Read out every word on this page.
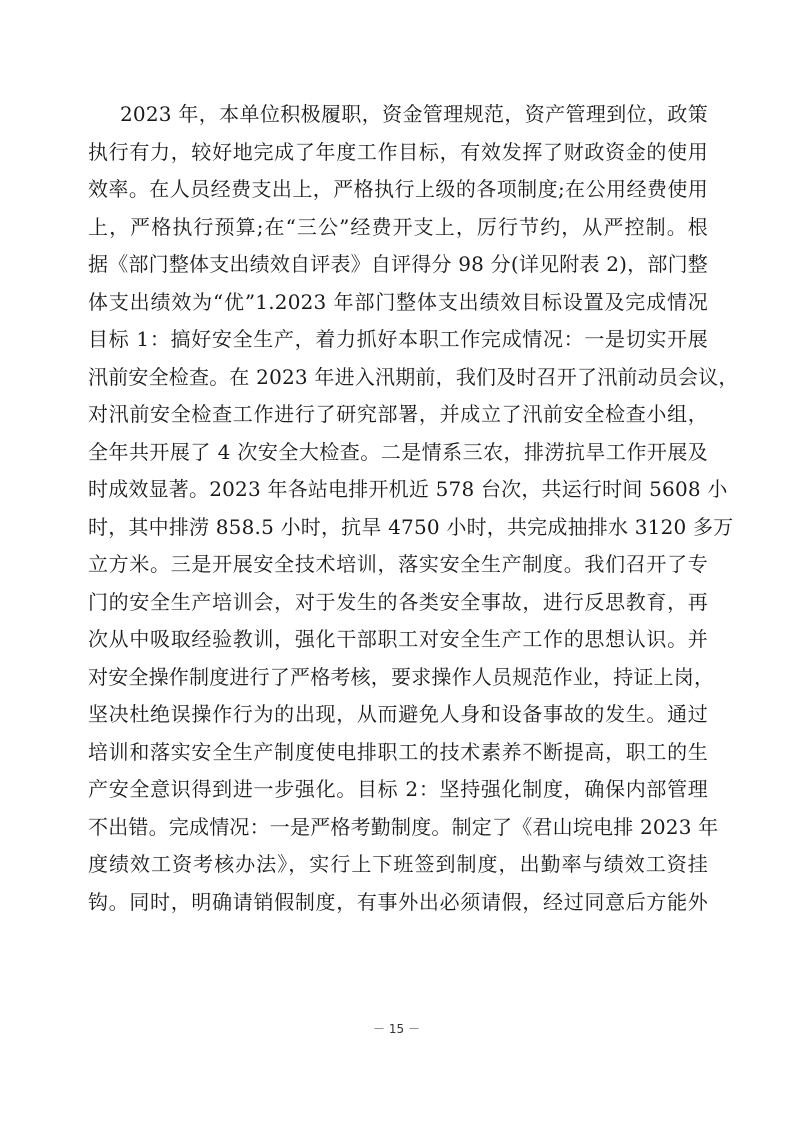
2023 年，本单位积极履职，资金管理规范，资产管理到位，政策
执行有力，较好地完成了年度工作目标，有效发挥了财政资金的使用
效率。在人员经费支出上，严格执行上级的各项制度;在公用经费使用
上，严格执行预算;在“三公”经费开支上，厉行节约，从严控制。根
据《部门整体支出绩效自评表》自评得分 98 分(详见附表 2)，部门整
体支出绩效为“优”1.2023 年部门整体支出绩效目标设置及完成情况
目标 1：搞好安全生产，着力抓好本职工作完成情况：一是切实开展
汛前安全检查。在 2023 年进入汛期前，我们及时召开了汛前动员会议，
对汛前安全检查工作进行了研究部署，并成立了汛前安全检查小组，
全年共开展了 4 次安全大检查。二是情系三农，排涝抗旱工作开展及
时成效显著。2023 年各站电排开机近 578 台次，共运行时间 5608 小
时，其中排涝 858.5 小时，抗旱 4750 小时，共完成抽排水 3120 多万
立方米。三是开展安全技术培训，落实安全生产制度。我们召开了专
门的安全生产培训会，对于发生的各类安全事故，进行反思教育，再
次从中吸取经验教训，强化干部职工对安全生产工作的思想认识。并
对安全操作制度进行了严格考核，要求操作人员规范作业，持证上岗，
坚决杜绝误操作行为的出现，从而避免人身和设备事故的发生。通过
培训和落实安全生产制度使电排职工的技术素养不断提高，职工的生
产安全意识得到进一步强化。目标 2：坚持强化制度，确保内部管理
不出错。完成情况：一是严格考勤制度。制定了《君山垸电排 2023 年
度绩效工资考核办法》，实行上下班签到制度，出勤率与绩效工资挂
钩。同时，明确请销假制度，有事外出必须请假，经过同意后方能外
－ 15 －
